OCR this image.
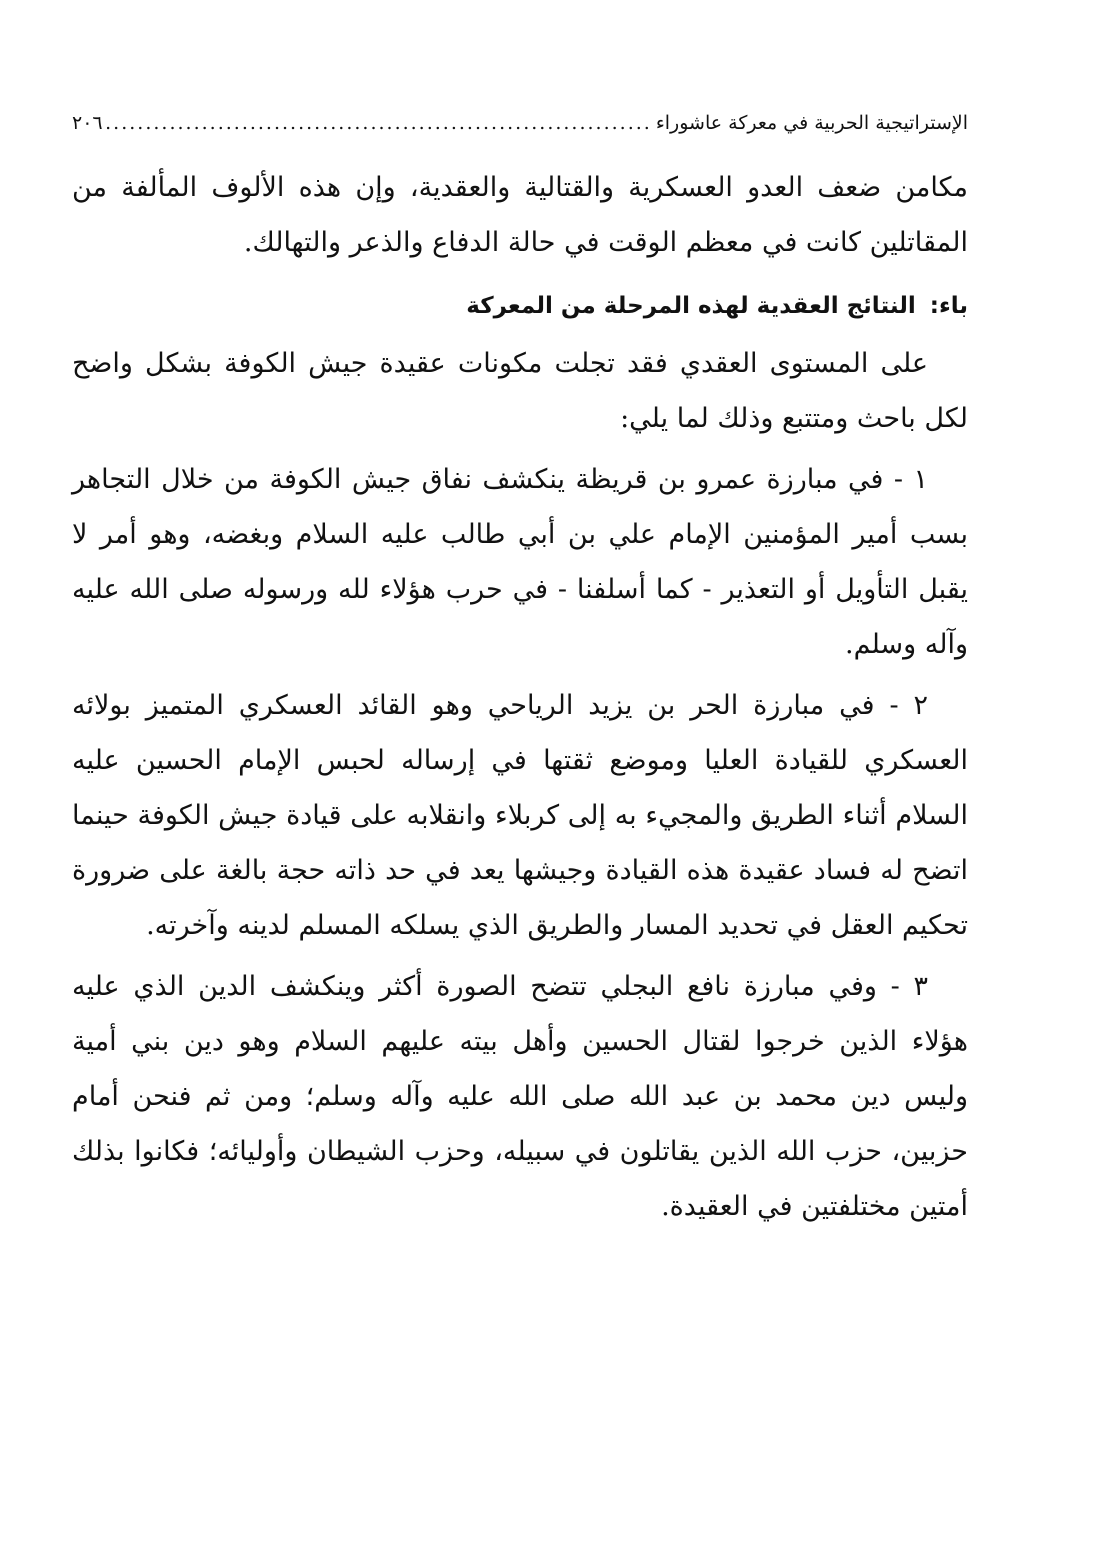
الإستراتيجية الحربية في معركة عاشوراء
.....
٢٠٦

مكامن ضعف العدو العسكرية والقتالية والعقدية، وإن هذه الألوف المألفة من المقاتلين كانت في معظم الوقت في حالة الدفاع والذعر والتهالك.

باء: النتائج العقدية لهذه المرحلة من المعركة

على المستوى العقدي فقد تجلت مكونات عقيدة جيش الكوفة بشكل واضح لكل باحث ومتتبع وذلك لما يلي:

١ - في مبارزة عمرو بن قريظة ينكشف نفاق جيش الكوفة من خلال التجاهر بسب أمير المؤمنين الإمام علي بن أبي طالب عليه السلام وبغضه، وهو أمر لا يقبل التأويل أو التعذير - كما أسلفنا - في حرب هؤلاء لله ورسوله صلى الله عليه وآله وسلم.

٢ - في مبارزة الحر بن يزيد الرياحي وهو القائد العسكري المتميز بولائه العسكري للقيادة العليا وموضع ثقتها في إرساله لحبس الإمام الحسين عليه السلام أثناء الطريق والمجيء به إلى كربلاء وانقلابه على قيادة جيش الكوفة حينما اتضح له فساد عقيدة هذه القيادة وجيشها يعد في حد ذاته حجة بالغة على ضرورة تحكيم العقل في تحديد المسار والطريق الذي يسلكه المسلم لدينه وآخرته.

٣ - وفي مبارزة نافع البجلي تتضح الصورة أكثر وينكشف الدين الذي عليه هؤلاء الذين خرجوا لقتال الحسين وأهل بيته عليهم السلام وهو دين بني أمية وليس دين محمد بن عبد الله صلى الله عليه وآله وسلم؛ ومن ثم فنحن أمام حزبين، حزب الله الذين يقاتلون في سبيله، وحزب الشيطان وأوليائه؛ فكانوا بذلك أمتين مختلفتين في العقيدة.
